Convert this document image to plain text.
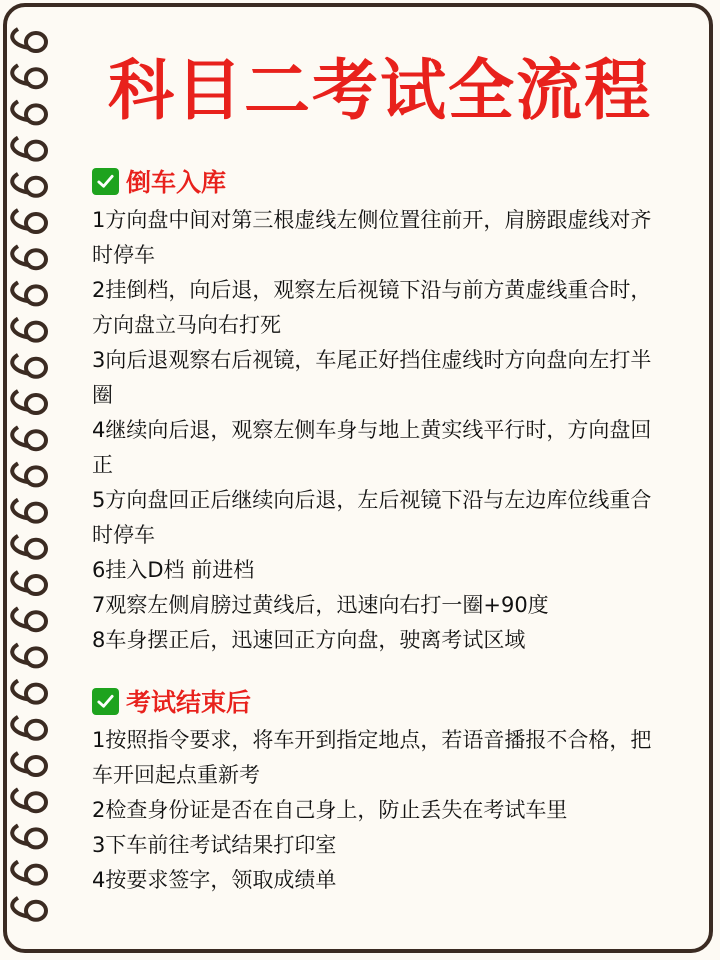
科目二考试全流程
倒车入库
1方向盘中间对第三根虚线左侧位置往前开，肩膀跟虚线对齐时停车
2挂倒档，向后退，观察左后视镜下沿与前方黄虚线重合时，方向盘立马向右打死
3向后退观察右后视镜，车尾正好挡住虚线时方向盘向左打半圈
4继续向后退，观察左侧车身与地上黄实线平行时，方向盘回正
5方向盘回正后继续向后退，左后视镜下沿与左边库位线重合时停车
6挂入D档 前进档
7观察左侧肩膀过黄线后，迅速向右打一圈+90度
8车身摆正后，迅速回正方向盘，驶离考试区域
考试结束后
1按照指令要求，将车开到指定地点，若语音播报不合格，把车开回起点重新考
2检查身份证是否在自己身上，防止丢失在考试车里
3下车前往考试结果打印室
4按要求签字，领取成绩单
